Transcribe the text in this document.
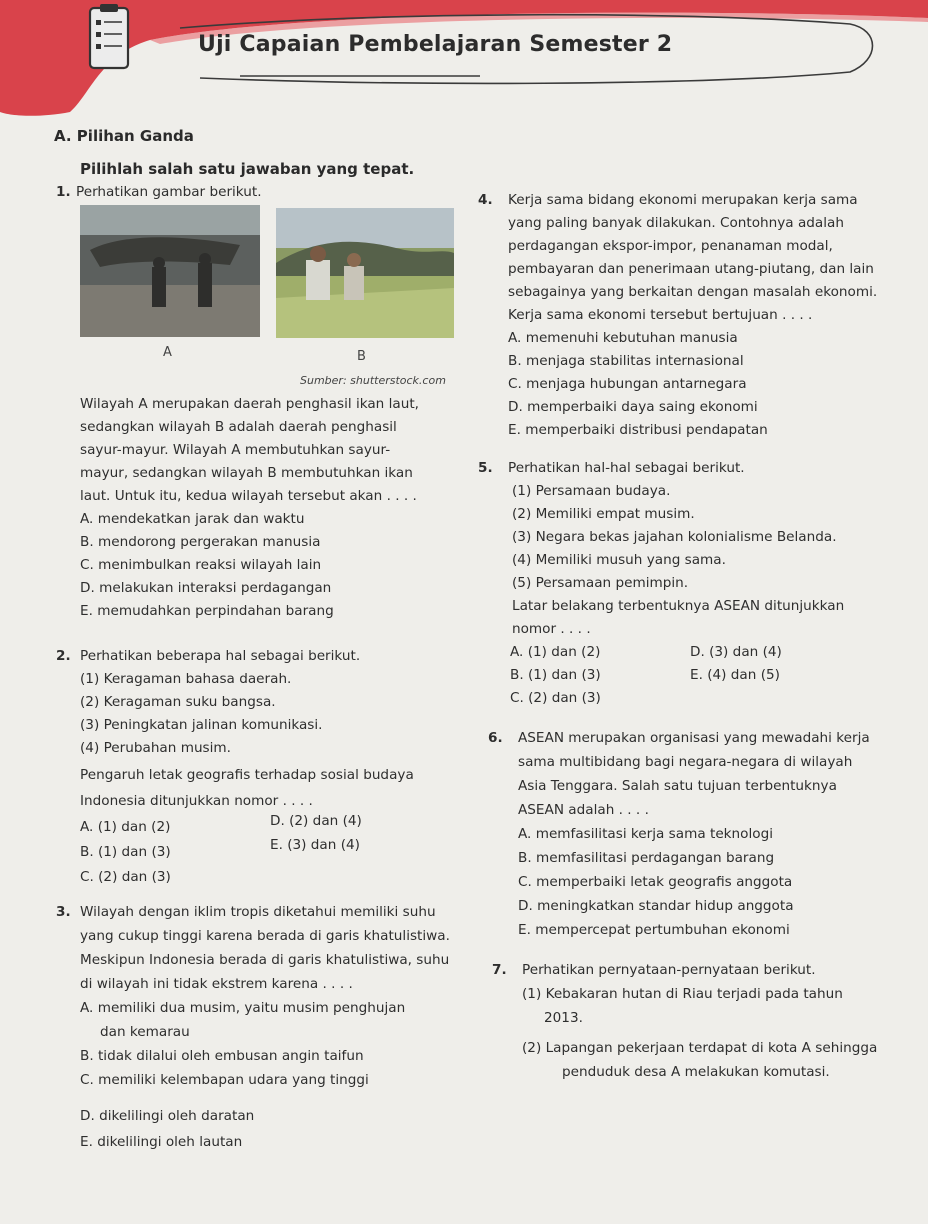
Uji Capaian Pembelajaran Semester 2
A. Pilihan Ganda
Pilihlah salah satu jawaban yang tepat.
1. Perhatikan gambar berikut.
A	B
Sumber: shutterstock.com
Wilayah A merupakan daerah penghasil ikan laut,
sedangkan wilayah B adalah daerah penghasil
sayur-mayur. Wilayah A membutuhkan sayur-
mayur, sedangkan wilayah B membutuhkan ikan
laut. Untuk itu, kedua wilayah tersebut akan . . . .
A. mendekatkan jarak dan waktu
B. mendorong pergerakan manusia
C. menimbulkan reaksi wilayah lain
D. melakukan interaksi perdagangan
E. memudahkan perpindahan barang
2. Perhatikan beberapa hal sebagai berikut.
(1) Keragaman bahasa daerah.
(2) Keragaman suku bangsa.
(3) Peningkatan jalinan komunikasi.
(4) Perubahan musim.
Pengaruh letak geografis terhadap sosial budaya
Indonesia ditunjukkan nomor . . . .
A. (1) dan (2)
B. (1) dan (3)
C. (2) dan (3)
D. (2) dan (4)
E. (3) dan (4)
3. Wilayah dengan iklim tropis diketahui memiliki suhu
yang cukup tinggi karena berada di garis khatulistiwa.
Meskipun Indonesia berada di garis khatulistiwa, suhu
di wilayah ini tidak ekstrem karena . . . .
A. memiliki dua musim, yaitu musim penghujan
dan kemarau
B. tidak dilalui oleh embusan angin taifun
C. memiliki kelembapan udara yang tinggi
D. dikelilingi oleh daratan
E. dikelilingi oleh lautan
4. Kerja sama bidang ekonomi merupakan kerja sama
yang paling banyak dilakukan. Contohnya adalah
perdagangan ekspor-impor, penanaman modal,
pembayaran dan penerimaan utang-piutang, dan lain
sebagainya yang berkaitan dengan masalah ekonomi.
Kerja sama ekonomi tersebut bertujuan . . . .
A. memenuhi kebutuhan manusia
B. menjaga stabilitas internasional
C. menjaga hubungan antarnegara
D. memperbaiki daya saing ekonomi
E. memperbaiki distribusi pendapatan
5. Perhatikan hal-hal sebagai berikut.
(1) Persamaan budaya.
(2) Memiliki empat musim.
(3) Negara bekas jajahan kolonialisme Belanda.
(4) Memiliki musuh yang sama.
(5) Persamaan pemimpin.
Latar belakang terbentuknya ASEAN ditunjukkan
nomor . . . .
A. (1) dan (2)
B. (1) dan (3)
C. (2) dan (3)
D. (3) dan (4)
E. (4) dan (5)
6. ASEAN merupakan organisasi yang mewadahi kerja
sama multibidang bagi negara-negara di wilayah
Asia Tenggara. Salah satu tujuan terbentuknya
ASEAN adalah . . . .
A. memfasilitasi kerja sama teknologi
B. memfasilitasi perdagangan barang
C. memperbaiki letak geografis anggota
D. meningkatkan standar hidup anggota
E. mempercepat pertumbuhan ekonomi
7. Perhatikan pernyataan-pernyataan berikut.
(1) Kebakaran hutan di Riau terjadi pada tahun
2013.
(2) Lapangan pekerjaan terdapat di kota A sehingga
penduduk desa A melakukan komutasi.
